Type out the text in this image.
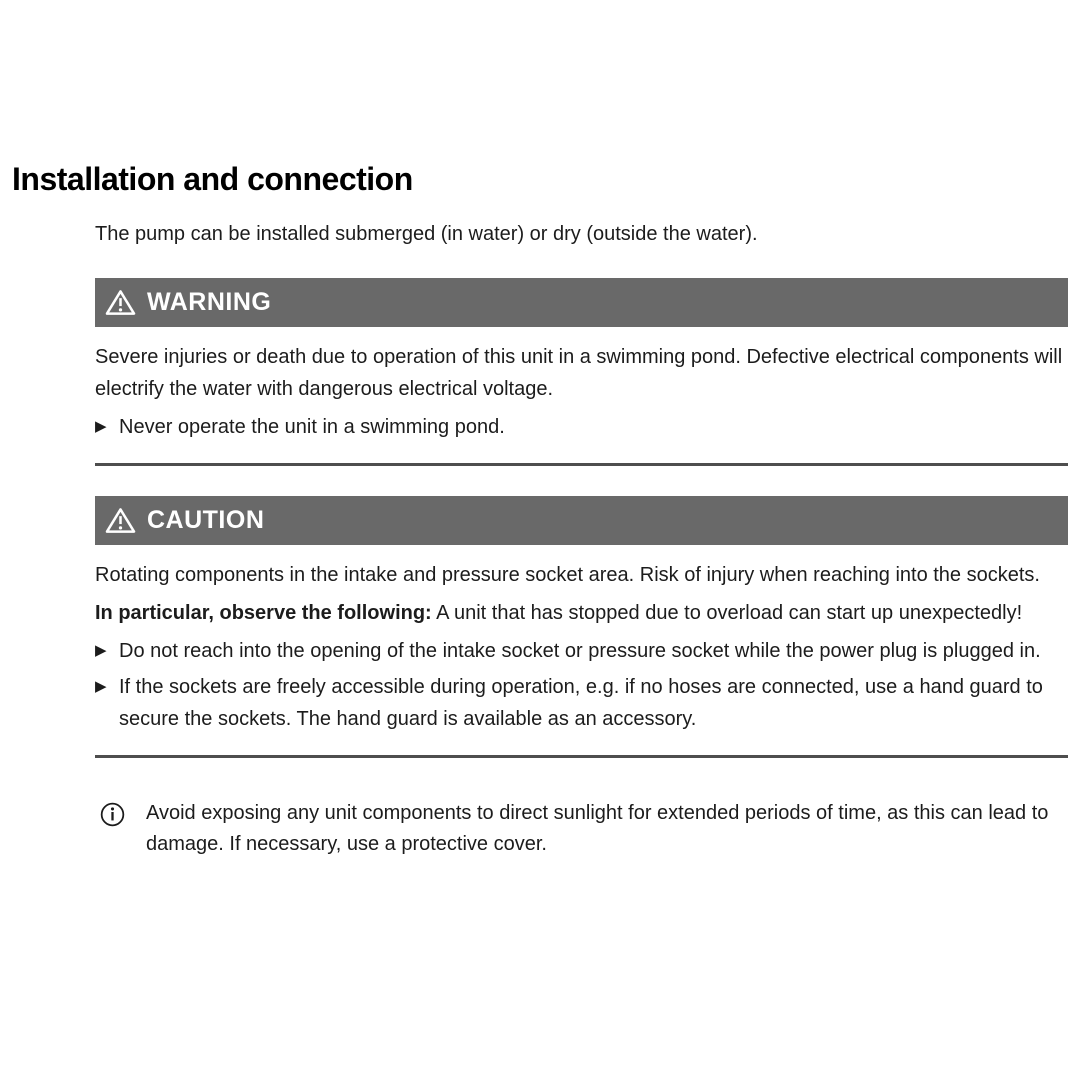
Installation and connection

The pump can be installed submerged (in water) or dry (outside the water).

WARNING

Severe injuries or death due to operation of this unit in a swimming pond. Defective electrical components will electrify the water with dangerous electrical voltage.

▶ Never operate the unit in a swimming pond.
CAUTION

Rotating components in the intake and pressure socket area. Risk of injury when reaching into the sockets.

In particular, observe the following: A unit that has stopped due to overload can start up unexpectedly!

▶ Do not reach into the opening of the intake socket or pressure socket while the power plug is plugged in.
▶ If the sockets are freely accessible during operation, e.g. if no hoses are connected, use a hand guard to secure the sockets. The hand guard is available as an accessory.
Avoid exposing any unit components to direct sunlight for extended periods of time, as this can lead to damage. If necessary, use a protective cover.
